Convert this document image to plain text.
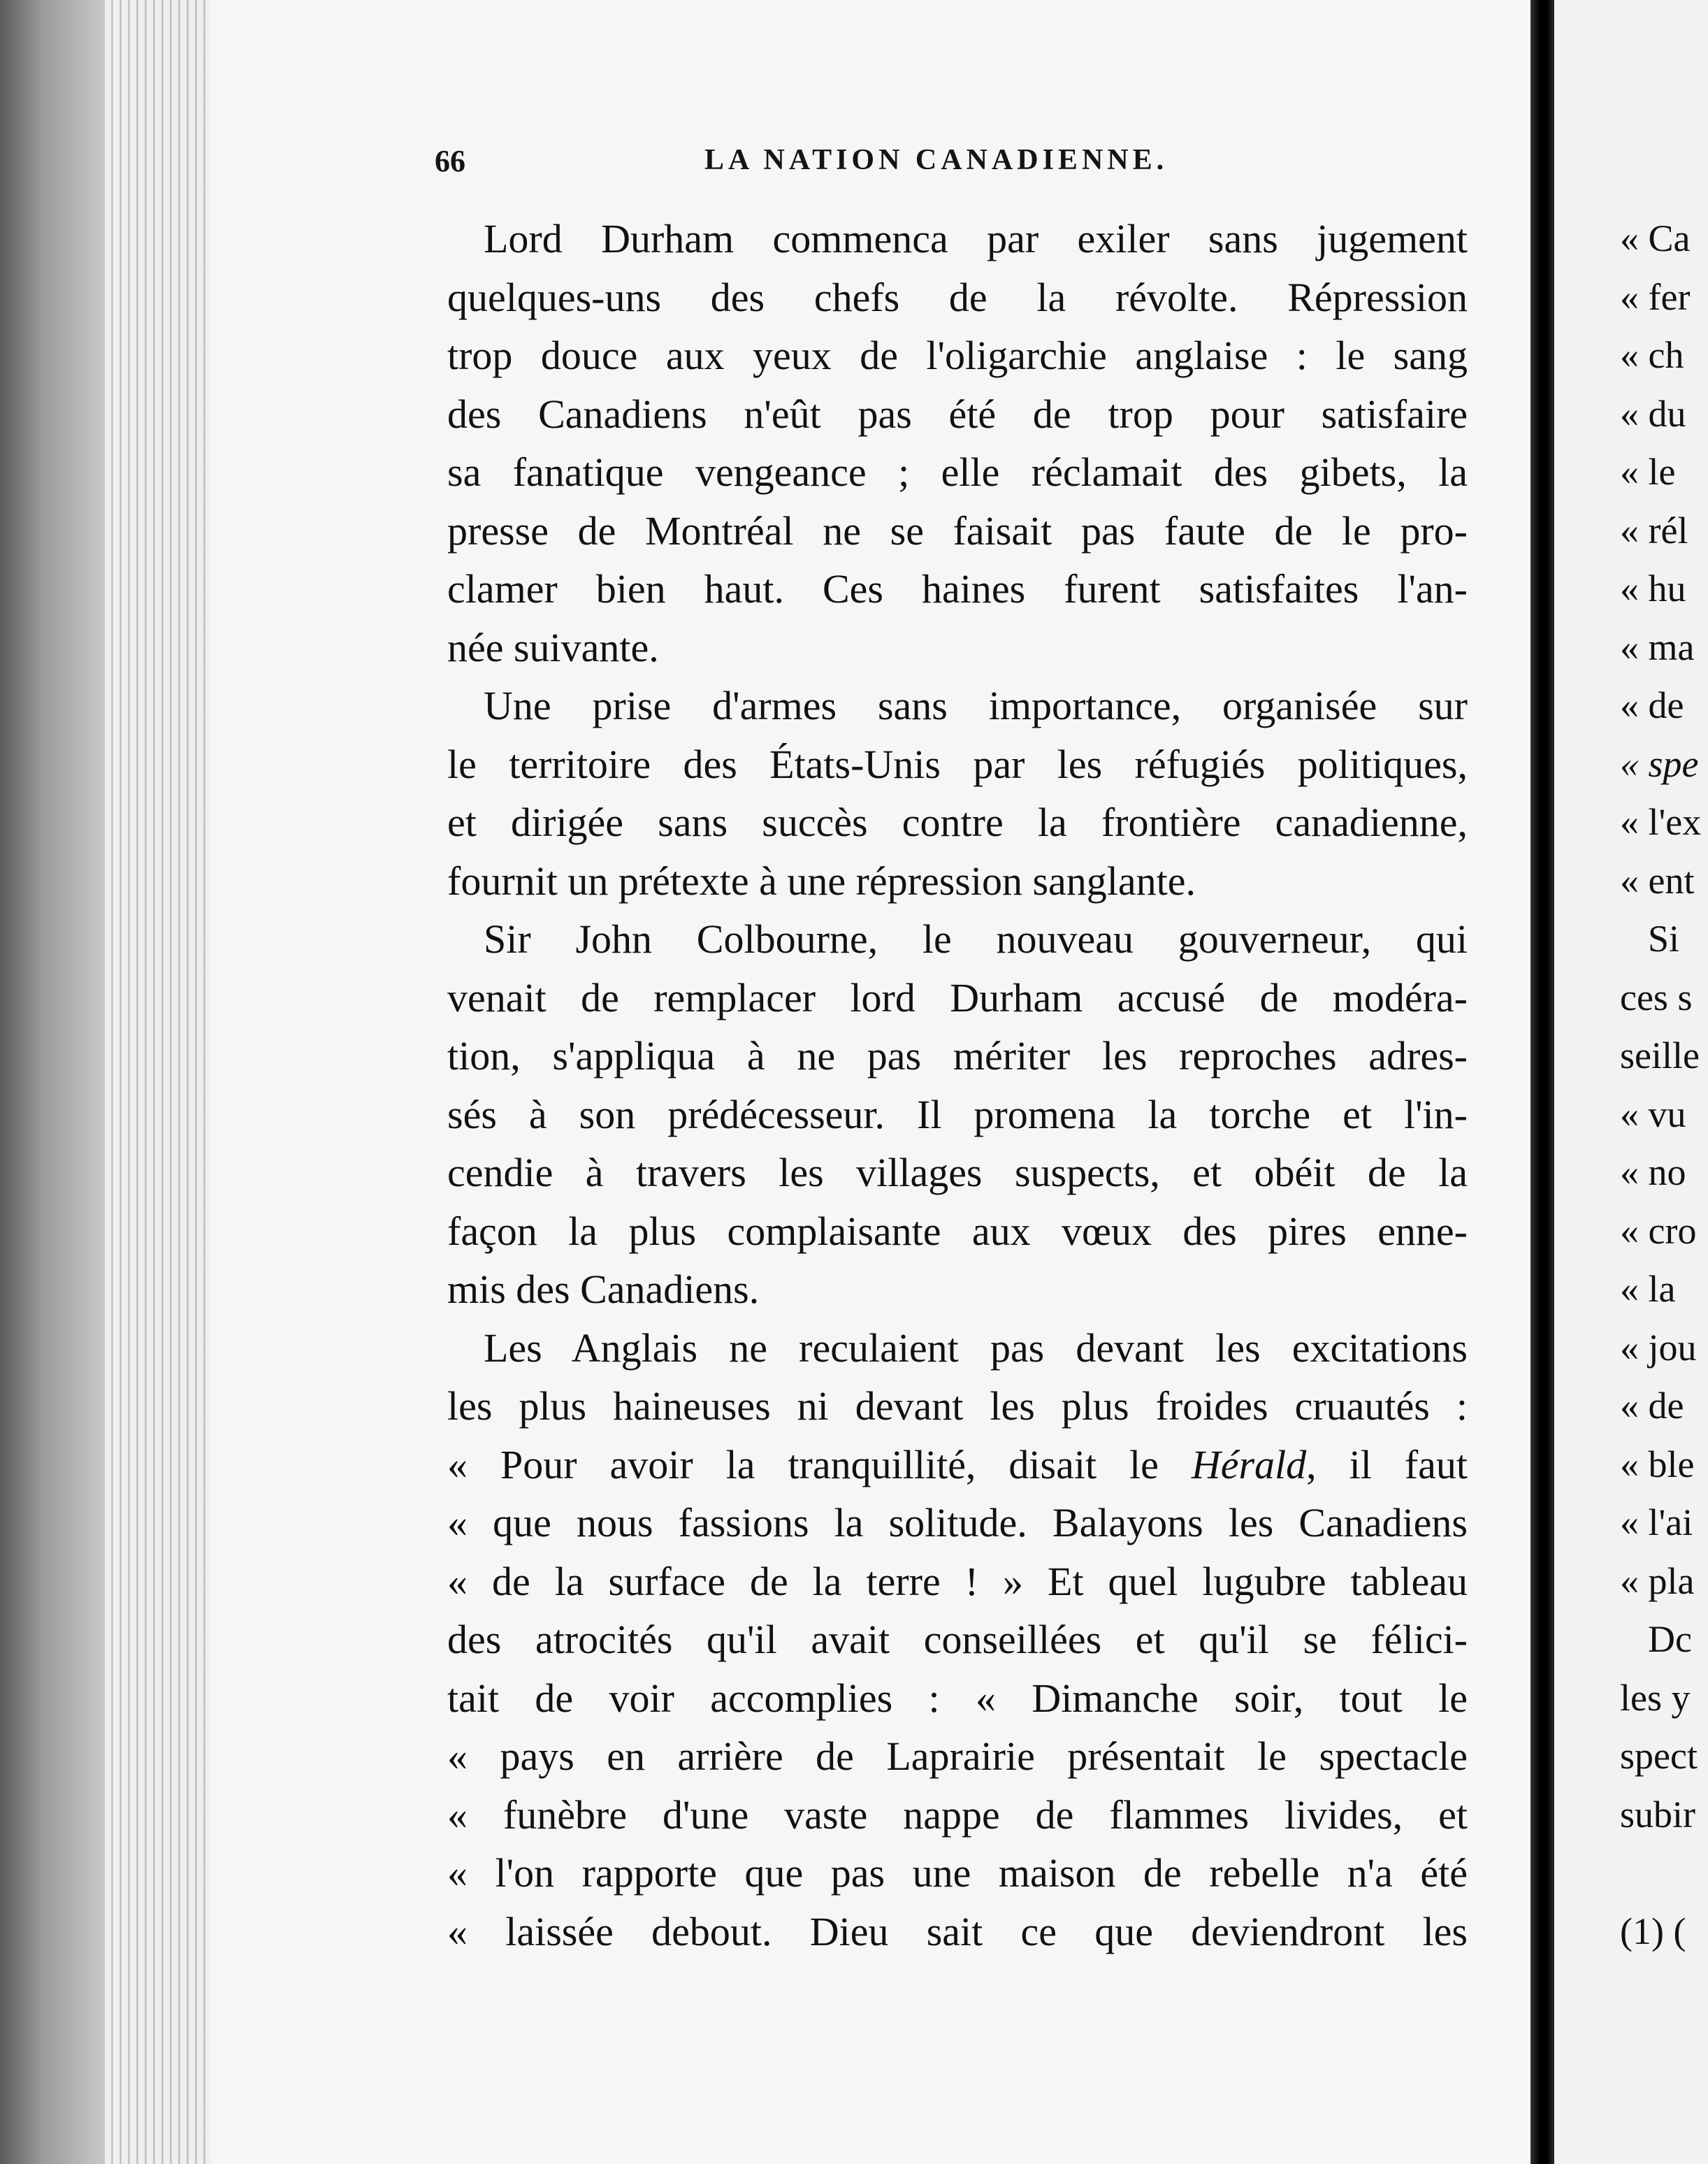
66	LA NATION CANADIENNE.
Lord Durham commenca par exiler sans jugement
quelques-uns des chefs de la révolte. Répression
trop douce aux yeux de l'oligarchie anglaise : le sang
des Canadiens n'eût pas été de trop pour satisfaire
sa fanatique vengeance ; elle réclamait des gibets, la
presse de Montréal ne se faisait pas faute de le pro-
clamer bien haut. Ces haines furent satisfaites l'an-
née suivante.
Une prise d'armes sans importance, organisée sur
le territoire des États-Unis par les réfugiés politiques,
et dirigée sans succès contre la frontière canadienne,
fournit un prétexte à une répression sanglante.
Sir John Colbourne, le nouveau gouverneur, qui
venait de remplacer lord Durham accusé de modéra-
tion, s'appliqua à ne pas mériter les reproches adres-
sés à son prédécesseur. Il promena la torche et l'in-
cendie à travers les villages suspects, et obéit de la
façon la plus complaisante aux vœux des pires enne-
mis des Canadiens.
Les Anglais ne reculaient pas devant les excitations
les plus haineuses ni devant les plus froides cruautés :
« Pour avoir la tranquillité, disait le Hérald, il faut
« que nous fassions la solitude. Balayons les Canadiens
« de la surface de la terre ! » Et quel lugubre tableau
des atrocités qu'il avait conseillées et qu'il se félici-
tait de voir accomplies : « Dimanche soir, tout le
« pays en arrière de Laprairie présentait le spectacle
« funèbre d'une vaste nappe de flammes livides, et
« l'on rapporte que pas une maison de rebelle n'a été
« laissée debout. Dieu sait ce que deviendront les
« Ca
« fer
« ch
« du
« le
« rél
« hu
« ma
« de
« spe
« l'ex
« ent
Si
ces s
seille
« vu
« no
« cro
« la
« jou
« de
« ble
« l'ai
« pla
Dc
les y
spect
subir
(1) (
